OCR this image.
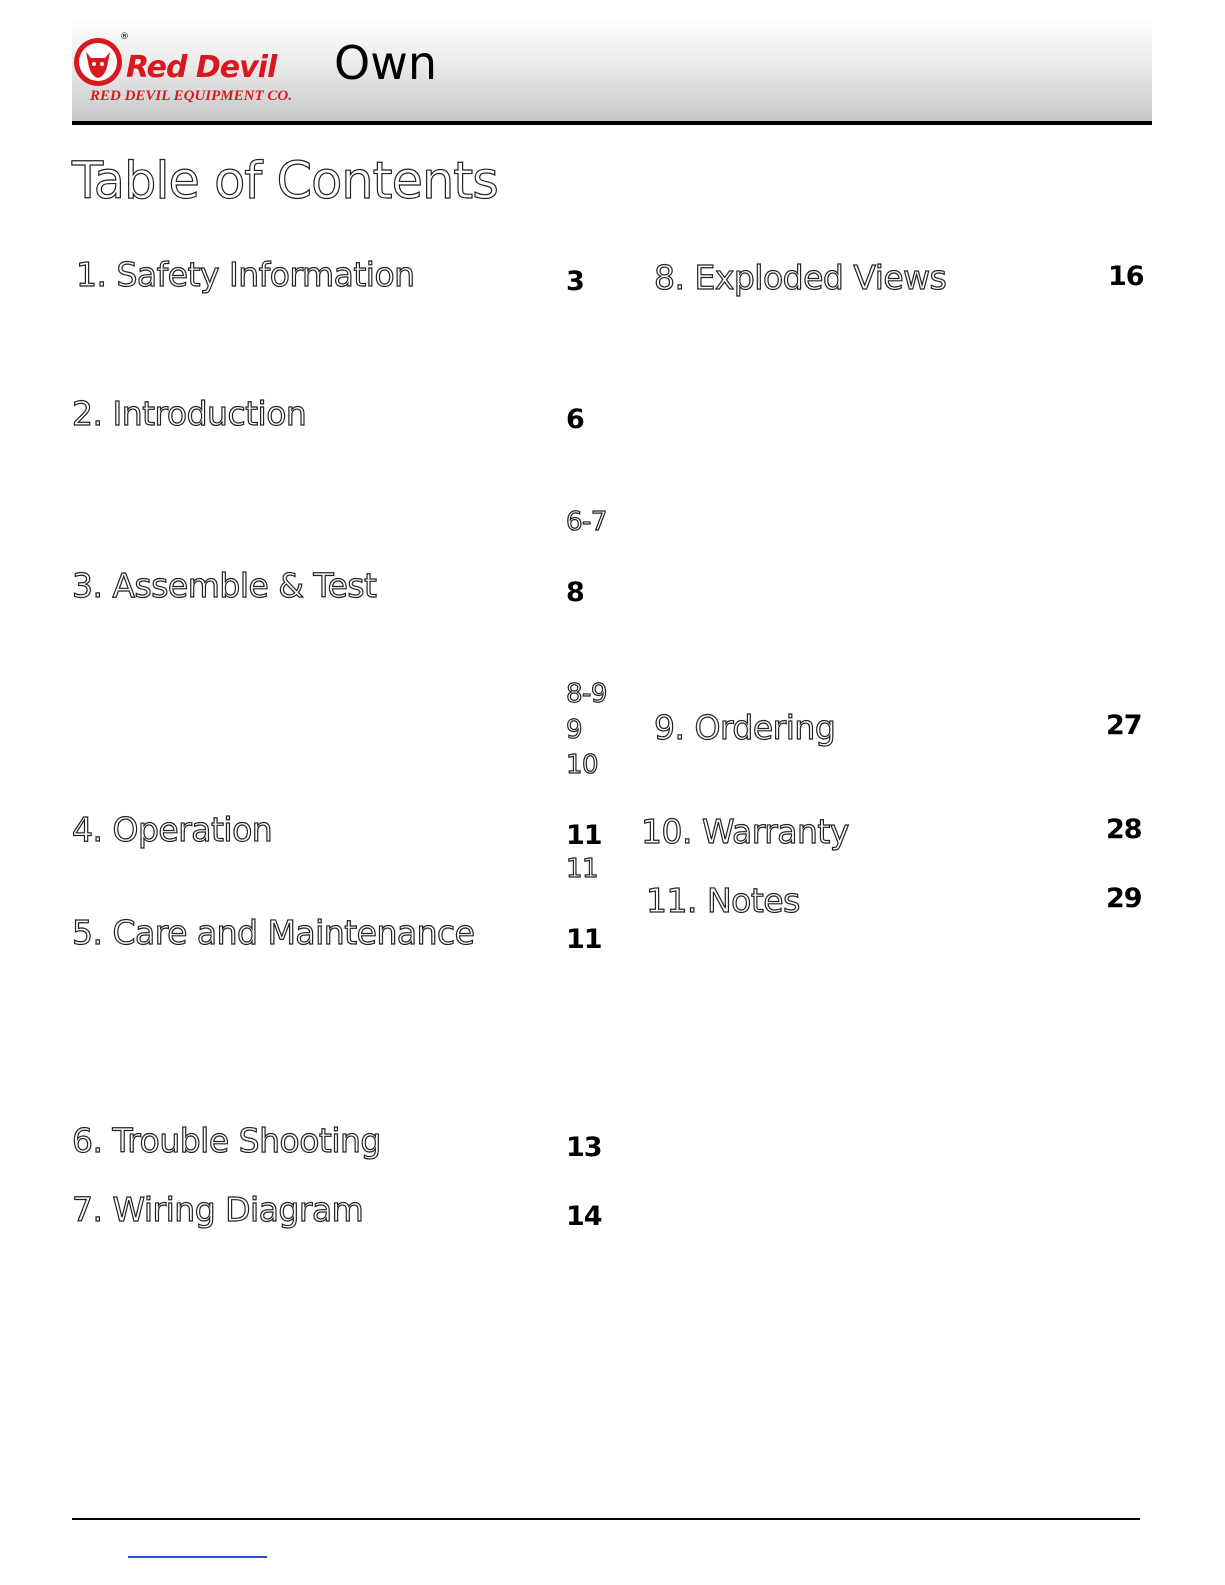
®
Red Devil
RED DEVIL EQUIPMENT CO.
Own
Table of Contents

1. Safety Information	3

2. Introduction	6

6-7

3. Assemble & Test	8

8-9

9

10

4. Operation	11

11

5. Care and Maintenance	11

6. Trouble Shooting	13

7. Wiring Diagram	14

8. Exploded Views	16

9. Ordering	27

10. Warranty	28

11. Notes	29
